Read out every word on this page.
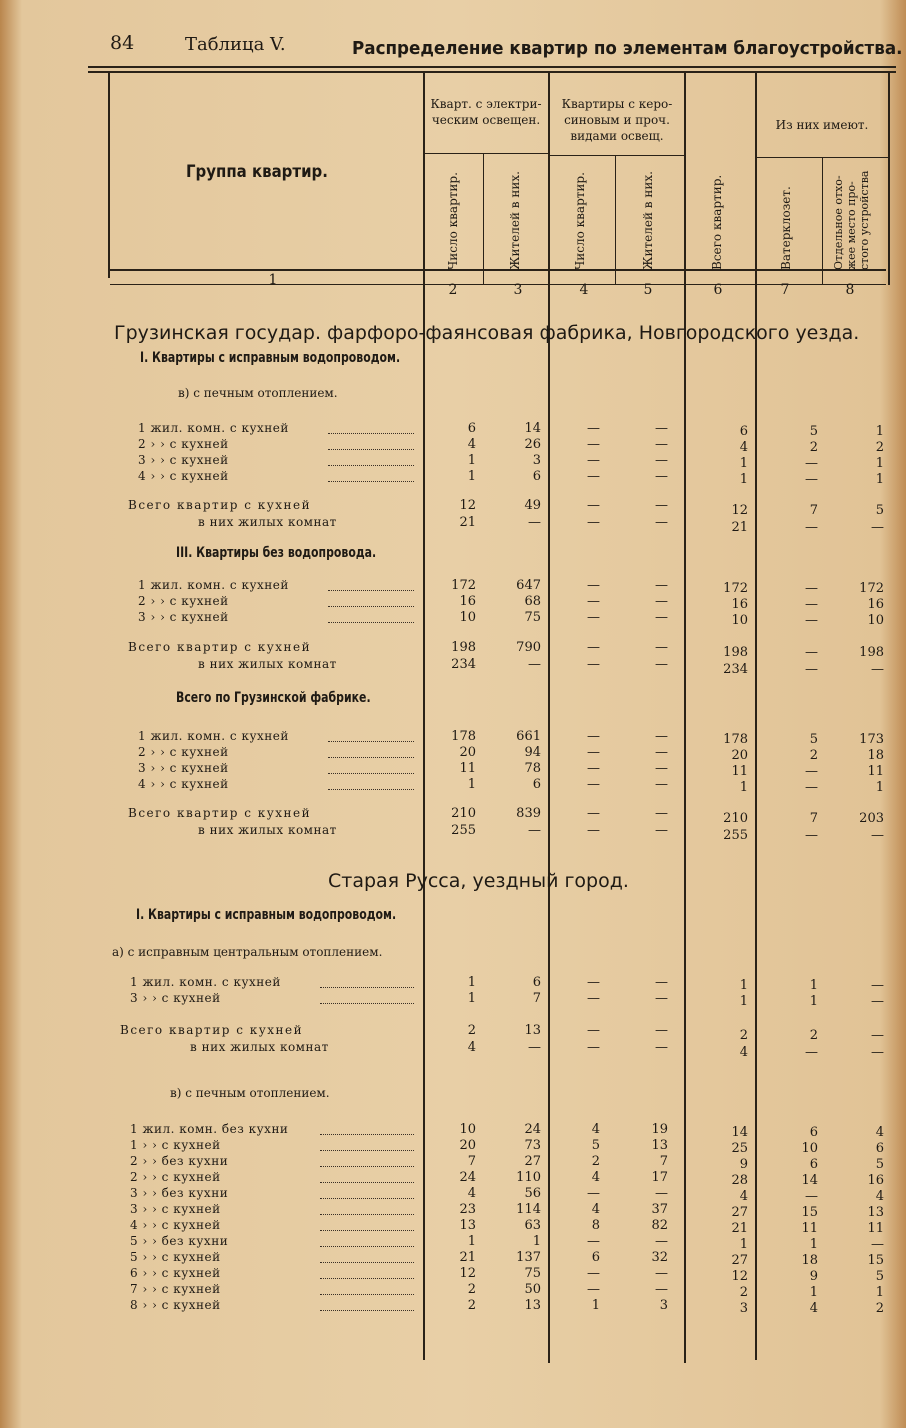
84	Таблица V.	Распределение квартир по элементам благоустройства.
Группа квартир.
Кварт. с электри-ческим освещен.
Квартиры с керо-синовым и проч. видами освещ.
Из них имеют.
Число квартир.	Жителей в них.	Число квартир.	Жителей в них.	Всего квартир.	Ватерклозет.	Отдельное отхо-жее место про-стого устройства
1
2	3	4	5	6	7	8
Грузинская государ. фарфоро-фаянсовая фабрика, Новгородского уезда.
I. Квартиры с исправным водопроводом.
в) с печным отоплением.
1 жил. комн. с кухней	6	14	—	—	6	5	1
2 › › с кухней	4	26	—	—	4	2	2
3 › › с кухней	1	3	—	—	1	—	1
4 › › с кухней	1	6	—	—	1	—	1
Всего квартир с кухней	12	49	—	—	12	7	5
в них жилых комнат	21	—	—	—	21	—	—
III. Квартиры без водопровода.
1 жил. комн. с кухней	172	647	—	—	172	—	172
2 › › с кухней	16	68	—	—	16	—	16
3 › › с кухней	10	75	—	—	10	—	10
Всего квартир с кухней	198	790	—	—	198	—	198
в них жилых комнат	234	—	—	—	234	—	—
Всего по Грузинской фабрике.
1 жил. комн. с кухней	178	661	—	—	178	5	173
2 › › с кухней	20	94	—	—	20	2	18
3 › › с кухней	11	78	—	—	11	—	11
4 › › с кухней	1	6	—	—	1	—	1
Всего квартир с кухней	210	839	—	—	210	7	203
в них жилых комнат	255	—	—	—	255	—	—
Старая Русса, уездный город.
I. Квартиры с исправным водопроводом.
а) с исправным центральным отоплением.
1 жил. комн. с кухней	1	6	—	—	1	1	—
3 › › с кухней	1	7	—	—	1	1	—
Всего квартир с кухней	2	13	—	—	2	2	—
в них жилых комнат	4	—	—	—	4	—	—
в) с печным отоплением.
1 жил. комн. без кухни	10	24	4	19	14	6	4
1 › › с кухней	20	73	5	13	25	10	6
2 › › без кухни	7	27	2	7	9	6	5
2 › › с кухней	24	110	4	17	28	14	16
3 › › без кухни	4	56	—	—	4	—	4
3 › › с кухней	23	114	4	37	27	15	13
4 › › с кухней	13	63	8	82	21	11	11
5 › › без кухни	1	1	—	—	1	1	—
5 › › с кухней	21	137	6	32	27	18	15
6 › › с кухней	12	75	—	—	12	9	5
7 › › с кухней	2	50	—	—	2	1	1
8 › › с кухней	2	13	1	3	3	4	2
